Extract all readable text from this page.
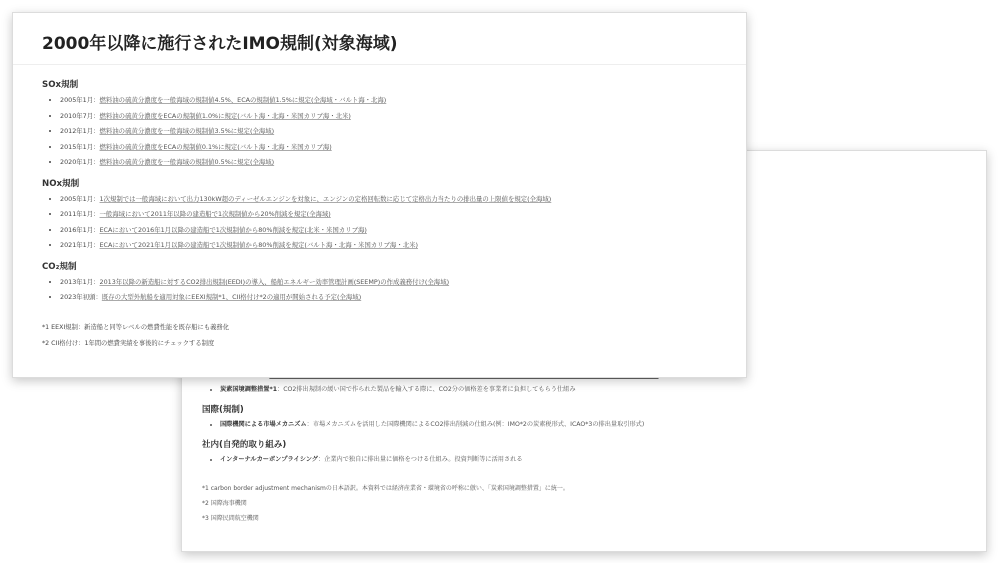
•
• 炭素国境調整措置*1：CO2排出規制の緩い国で作られた製品を輸入する際に、CO2分の価格差を事業者に負担してもらう仕組み
国際(規制)
• 国際機関による市場メカニズム：市場メカニズムを活用した国際機関によるCO2排出削減の仕組み(例：IMO*2の炭素税形式、ICAO*3の排出量取引形式)
社内(自発的取り組み)
• インターナルカーボンプライシング：企業内で独自に排出量に価格をつける仕組み。投資判断等に活用される
*1 carbon border adjustment mechanismの日本語訳。本資料では経済産業省・環境省の呼称に倣い、「炭素国境調整措置」に統一。
*2 国際海事機関
*3 国際民間航空機関
2000年以降に施行されたIMO規制(対象海域)
SOx規制
• 2005年1月：燃料油の硫黄分濃度を一般海域の規制値4.5%、ECAの規制値1.5%に規定(全海域・バルト海・北海)
• 2010年7月：燃料油の硫黄分濃度をECAの規制値1.0%に規定(バルト海・北海・米国カリブ海・北米)
• 2012年1月：燃料油の硫黄分濃度を一般海域の規制値3.5%に規定(全海域)
• 2015年1月：燃料油の硫黄分濃度をECAの規制値0.1%に規定(バルト海・北海・米国カリブ海)
• 2020年1月：燃料油の硫黄分濃度を一般海域の規制値0.5%に規定(全海域)
NOx規制
• 2005年1月：1次規制では一般海域において出力130kW超のディーゼルエンジンを対象に、エンジンの定格回転数に応じて定格出力当たりの排出量の上限値を規定(全海域)
• 2011年1月：一般海域において2011年以降の建造船で1次規制値から20%削減を規定(全海域)
• 2016年1月：ECAにおいて2016年1月以降の建造船で1次規制値から80%削減を規定(北米・米国カリブ海)
• 2021年1月：ECAにおいて2021年1月以降の建造船で1次規制値から80%削減を規定(バルト海・北海・米国カリブ海・北米)
CO₂規制
• 2013年1月：2013年以降の新造船に対するCO2排出規制(EEDI)の導入、船舶エネルギー効率管理計画(SEEMP)の作成義務付け(全海域)
• 2023年初頭：既存の大型外航船を適用対象にEEXI規制*1、CII格付け*2の適用が開始される予定(全海域)
*1 EEXI規制：新造船と同等レベルの燃費性能を既存船にも義務化
*2 CII格付け：1年間の燃費実績を事後的にチェックする制度
